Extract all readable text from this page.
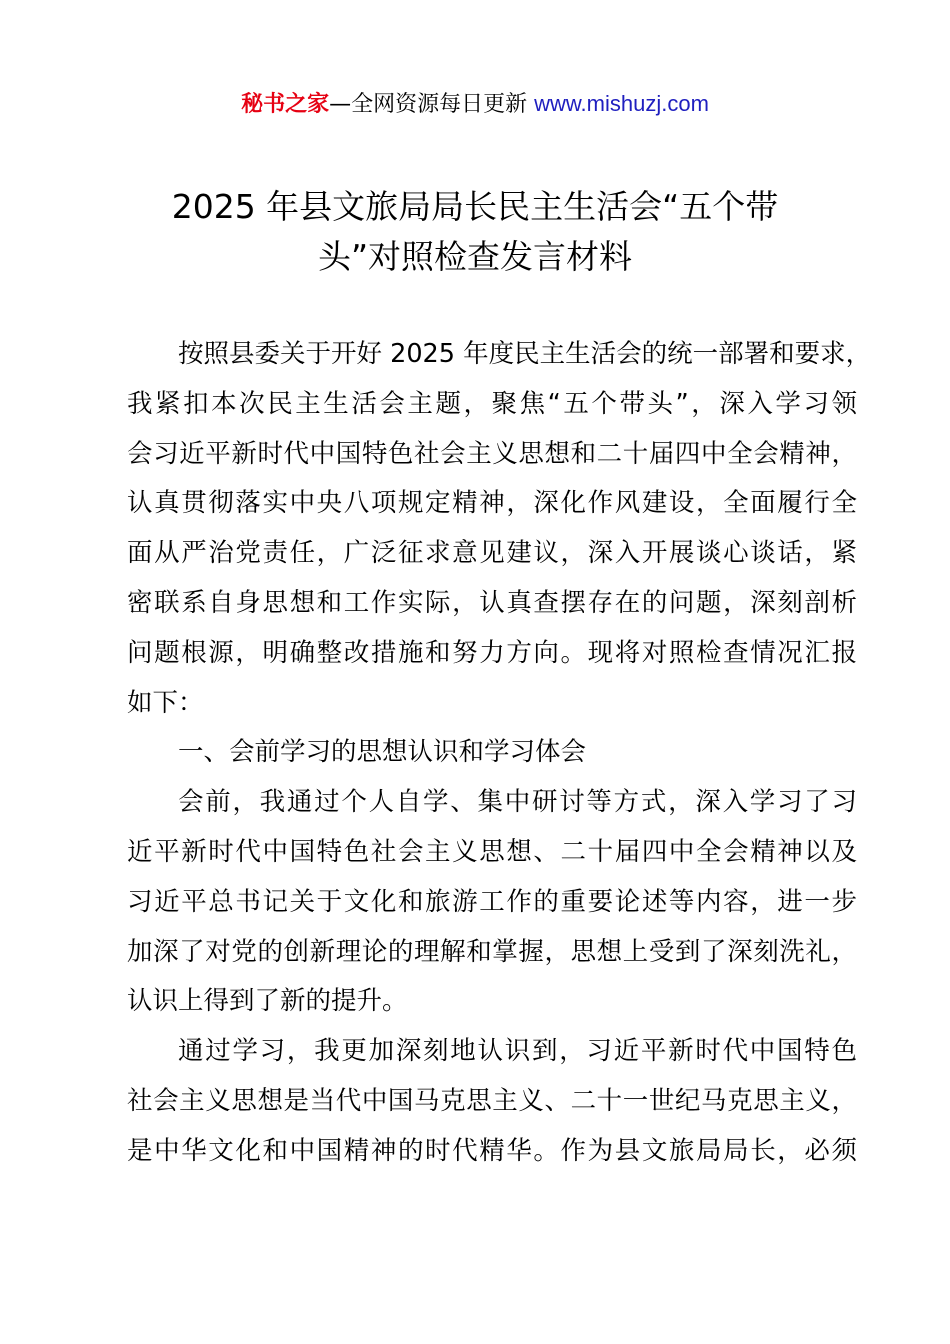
秘书之家—全网资源每日更新 www.mishuzj.com
2025 年县文旅局局长民主生活会“五个带
头”对照检查发言材料

按照县委关于开好 2025 年度民主生活会的统一部署和要求，
我紧扣本次民主生活会主题，聚焦“五个带头”，深入学习领
会习近平新时代中国特色社会主义思想和二十届四中全会精神，
认真贯彻落实中央八项规定精神，深化作风建设，全面履行全
面从严治党责任，广泛征求意见建议，深入开展谈心谈话，紧
密联系自身思想和工作实际，认真查摆存在的问题，深刻剖析
问题根源，明确整改措施和努力方向。现将对照检查情况汇报
如下：

一、会前学习的思想认识和学习体会

会前，我通过个人自学、集中研讨等方式，深入学习了习
近平新时代中国特色社会主义思想、二十届四中全会精神以及
习近平总书记关于文化和旅游工作的重要论述等内容，进一步
加深了对党的创新理论的理解和掌握，思想上受到了深刻洗礼，
认识上得到了新的提升。

通过学习，我更加深刻地认识到，习近平新时代中国特色
社会主义思想是当代中国马克思主义、二十一世纪马克思主义，
是中华文化和中国精神的时代精华。作为县文旅局局长，必须
